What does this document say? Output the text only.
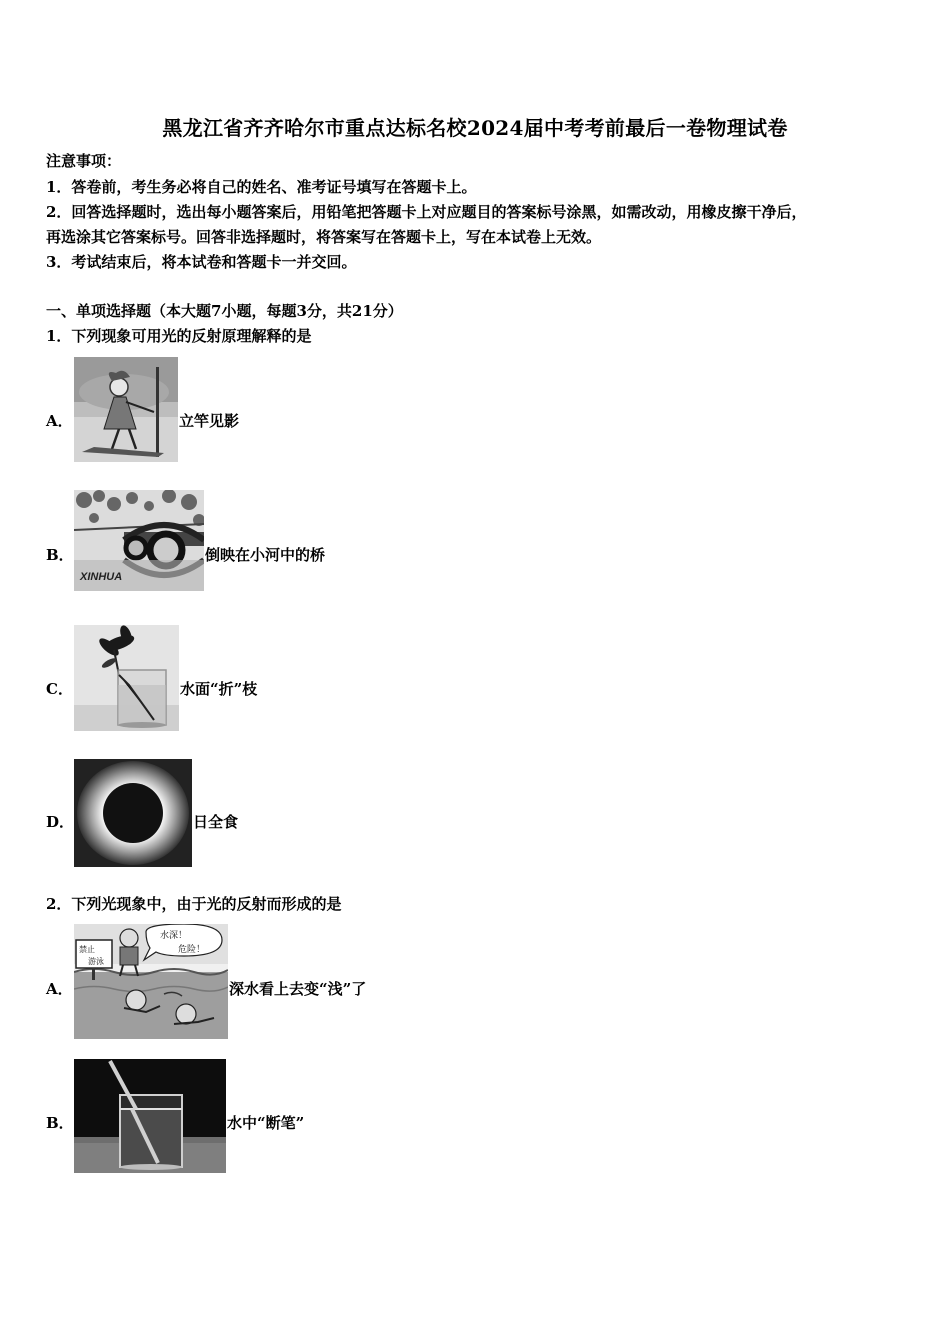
黑龙江省齐齐哈尔市重点达标名校2024届中考考前最后一卷物理试卷
注意事项：
1．答卷前，考生务必将自己的姓名、准考证号填写在答题卡上。
2．回答选择题时，选出每小题答案后，用铅笔把答题卡上对应题目的答案标号涂黑，如需改动，用橡皮擦干净后，
再选涂其它答案标号。回答非选择题时，将答案写在答题卡上，写在本试卷上无效。
3．考试结束后，将本试卷和答题卡一并交回。
一、单项选择题（本大题7小题，每题3分，共21分）
1．下列现象可用光的反射原理解释的是
A．	立竿见影
B．
XINHUA
倒映在小河中的桥
C．	水面“折”枝
D．	日全食
2．下列光现象中，由于光的反射而形成的是
A．
禁止
游泳
水深！
危险！
深水看上去变“浅”了
B．	水中“断笔”
